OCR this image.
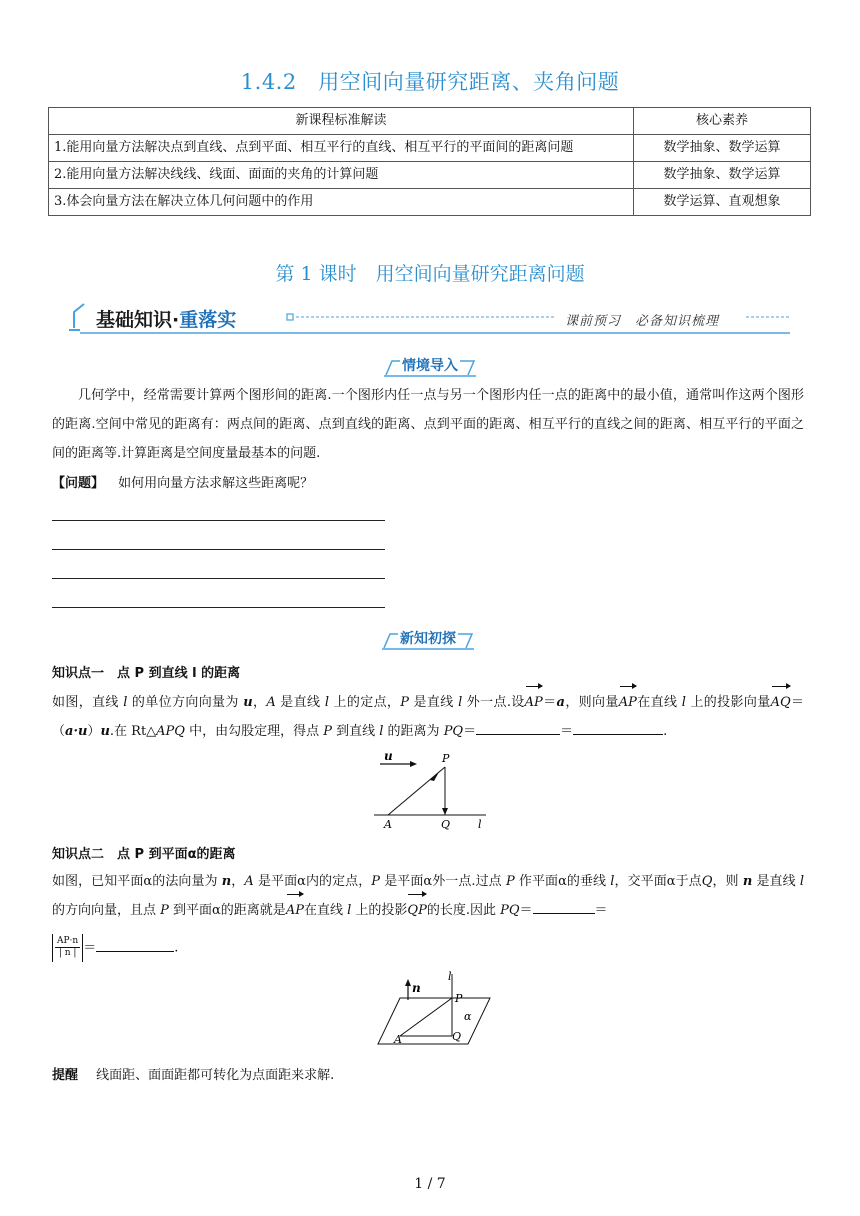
1.4.2　用空间向量研究距离、夹角问题
新课程标准解读	核心素养
1.能用向量方法解决点到直线、点到平面、相互平行的直线、相互平行的平面间的距离问题	数学抽象、数学运算
2.能用向量方法解决线线、线面、面面的夹角的计算问题	数学抽象、数学运算
3.体会向量方法在解决立体几何问题中的作用	数学运算、直观想象
第 1 课时　用空间向量研究距离问题
基础知识·重落实	课前预习　必备知识梳理
情境导入
几何学中，经常需要计算两个图形间的距离.一个图形内任一点与另一个图形内任一点的距离中的最小值，通常叫作这两个图形的距离.空间中常见的距离有：两点间的距离、点到直线的距离、点到平面的距离、相互平行的直线之间的距离、相互平行的平面之间的距离等.计算距离是空间度量最基本的问题.
【问题】 如何用向量方法求解这些距离呢？
新知初探
知识点一　点 P 到直线 l 的距离
如图，直线 l 的单位方向向量为 u，A 是直线 l 上的定点，P 是直线 l 外一点.设AP＝a，则向量AP在直线 l 上的投影向量AQ＝（a·u）u.在 Rt△APQ 中，由勾股定理，得点 P 到直线 l 的距离为 PQ＝	＝	.
u	P
A	Q	l
知识点二　点 P 到平面α的距离
如图，已知平面α的法向量为 n，A 是平面α内的定点，P 是平面α外一点.过点 P 作平面α的垂线 l，交平面α于点Q，则 n 是直线 l 的方向向量，且点 P 到平面α的距离就是AP在直线 l 上的投影QP的长度.因此 PQ＝	＝
$\frac{AP\cdot n}{| n |}$ ＝	.
l
n
P
α
A	Q
提醒 线面距、面面距都可转化为点面距来求解.
1 / 7
